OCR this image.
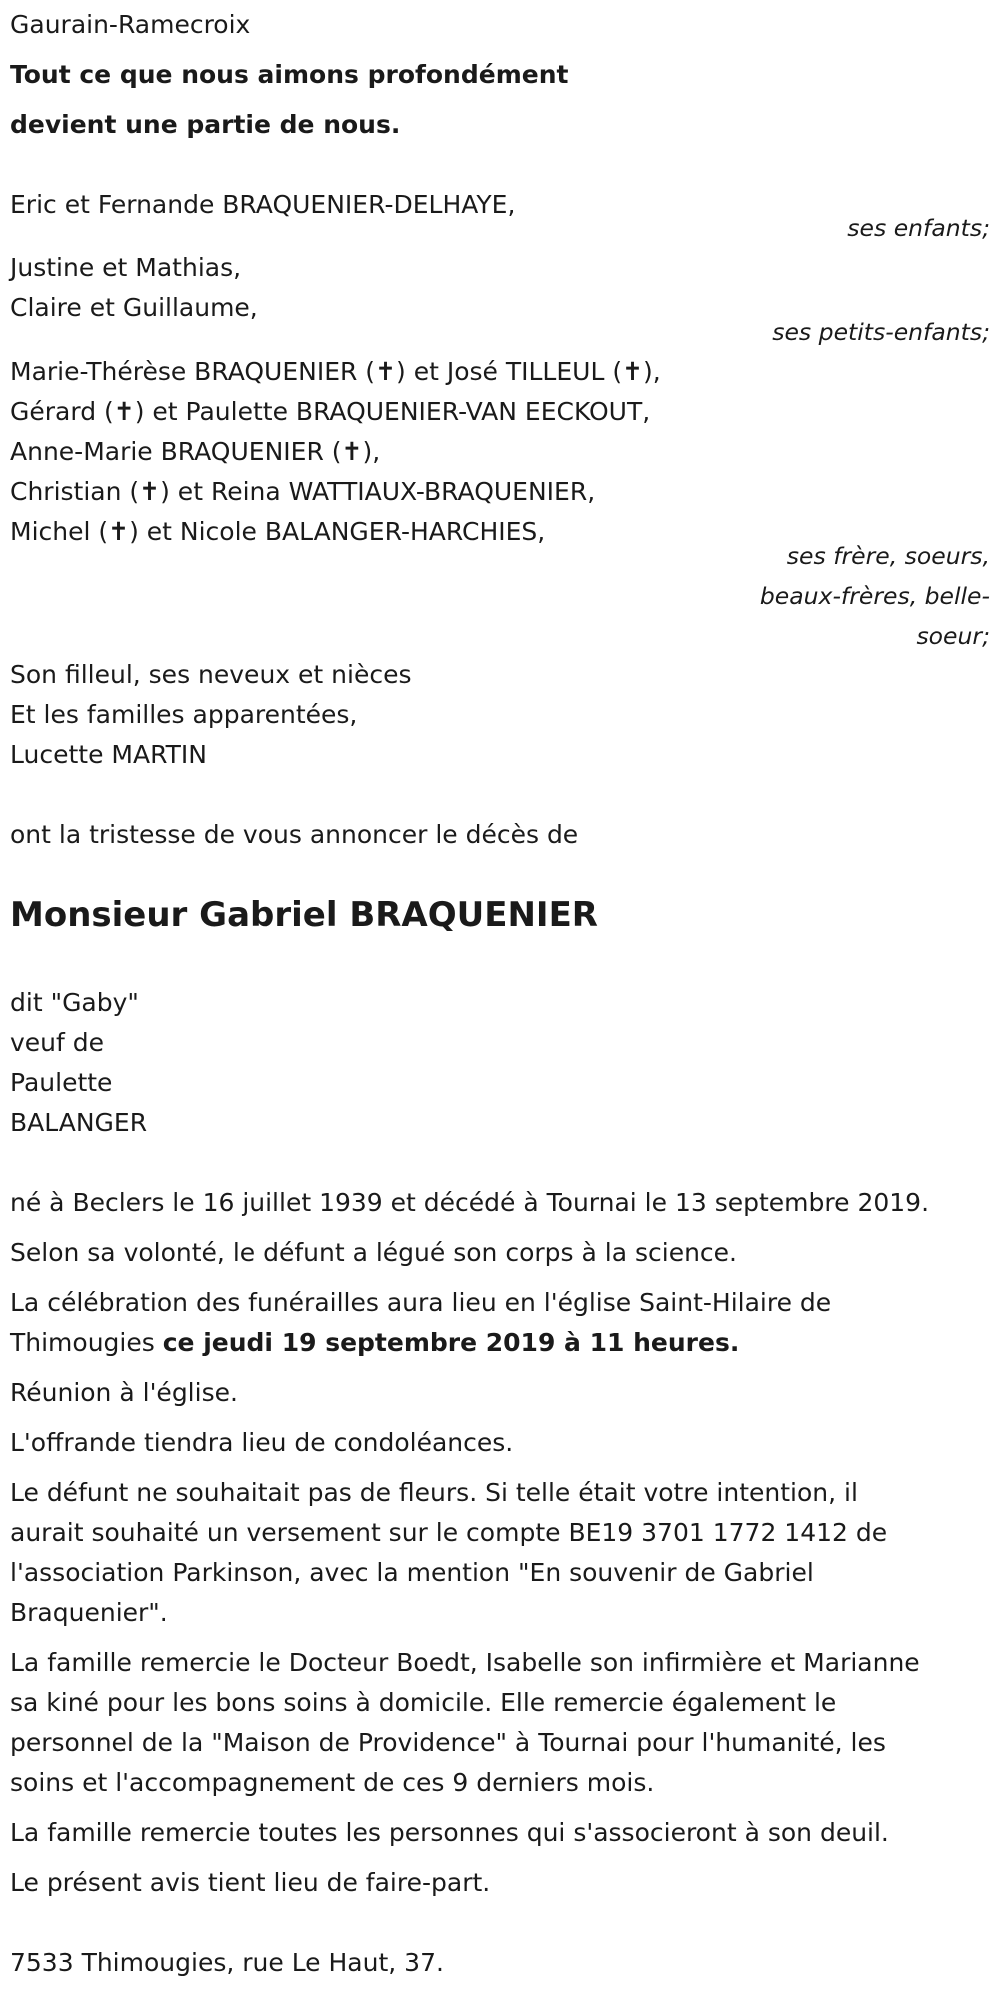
Gaurain-Ramecroix
Tout ce que nous aimons profondément
devient une partie de nous.
Eric et Fernande BRAQUENIER-DELHAYE,
ses enfants;
Justine et Mathias,
Claire et Guillaume,
ses petits-enfants;
Marie-Thérèse BRAQUENIER (✝) et José TILLEUL (✝),
Gérard (✝) et Paulette BRAQUENIER-VAN EECKOUT,
Anne-Marie BRAQUENIER (✝),
Christian (✝) et Reina WATTIAUX-BRAQUENIER,
Michel (✝) et Nicole BALANGER-HARCHIES,
ses frère, soeurs,
beaux-frères, belle-
soeur;
Son filleul, ses neveux et nièces
Et les familles apparentées,
Lucette MARTIN
ont la tristesse de vous annoncer le décès de
Monsieur Gabriel BRAQUENIER
dit "Gaby"
veuf de
Paulette
BALANGER
né à Beclers le 16 juillet 1939 et décédé à Tournai le 13 septembre 2019.
Selon sa volonté, le défunt a légué son corps à la science.
La célébration des funérailles aura lieu en l'église Saint-Hilaire de
Thimougies ce jeudi 19 septembre 2019 à 11 heures.
Réunion à l'église.
L'offrande tiendra lieu de condoléances.
Le défunt ne souhaitait pas de fleurs. Si telle était votre intention, il
aurait souhaité un versement sur le compte BE19 3701 1772 1412 de
l'association Parkinson, avec la mention "En souvenir de Gabriel
Braquenier".
La famille remercie le Docteur Boedt, Isabelle son infirmière et Marianne
sa kiné pour les bons soins à domicile. Elle remercie également le
personnel de la "Maison de Providence" à Tournai pour l'humanité, les
soins et l'accompagnement de ces 9 derniers mois.
La famille remercie toutes les personnes qui s'associeront à son deuil.
Le présent avis tient lieu de faire-part.
7533 Thimougies, rue Le Haut, 37.
